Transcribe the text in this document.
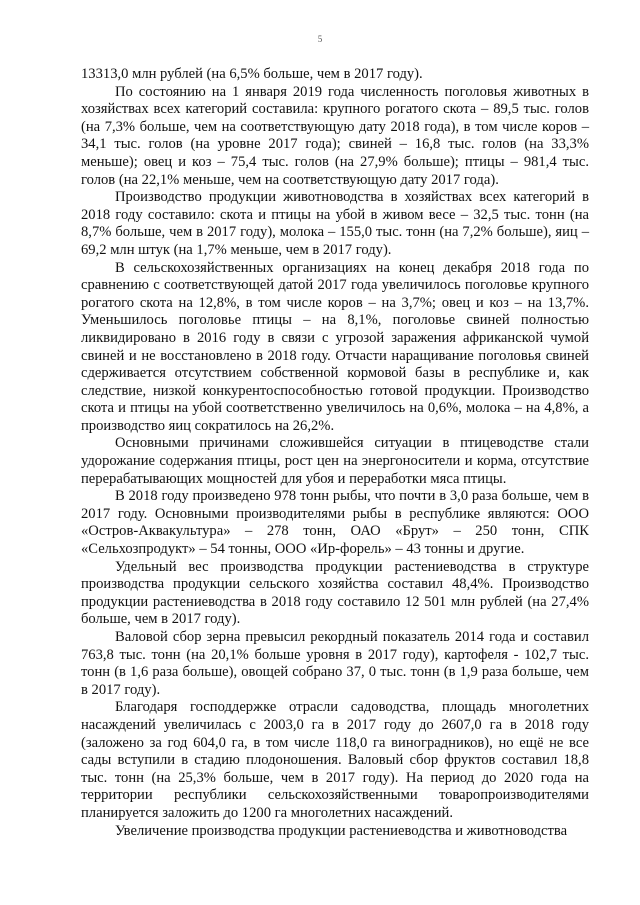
5

13313,0 млн рублей (на 6,5% больше, чем в 2017 году).

По состоянию на 1 января 2019 года численность поголовья животных в хозяйствах всех категорий составила: крупного рогатого скота – 89,5 тыс. голов (на 7,3% больше, чем на соответствующую дату 2018 года), в том числе коров – 34,1 тыс. голов (на уровне 2017 года); свиней – 16,8 тыс. голов (на 33,3% меньше); овец и коз – 75,4 тыс. голов (на 27,9% больше); птицы – 981,4 тыс. голов (на 22,1% меньше, чем на соответствующую дату 2017 года).

Производство продукции животноводства в хозяйствах всех категорий в 2018 году составило: скота и птицы на убой в живом весе – 32,5 тыс. тонн (на 8,7% больше, чем в 2017 году), молока – 155,0 тыс. тонн (на 7,2% больше), яиц – 69,2 млн штук (на 1,7% меньше, чем в 2017 году).

В сельскохозяйственных организациях на конец декабря 2018 года по сравнению с соответствующей датой 2017 года увеличилось поголовье крупного рогатого скота на 12,8%, в том числе коров – на 3,7%; овец и коз – на 13,7%. Уменьшилось поголовье птицы – на 8,1%, поголовье свиней полностью ликвидировано в 2016 году в связи с угрозой заражения африканской чумой свиней и не восстановлено в 2018 году. Отчасти наращивание поголовья свиней сдерживается отсутствием собственной кормовой базы в республике и, как следствие, низкой конкурентоспособностью готовой продукции. Производство скота и птицы на убой соответственно увеличилось на 0,6%, молока – на 4,8%, а производство яиц сократилось на 26,2%.

Основными причинами сложившейся ситуации в птицеводстве стали удорожание содержания птицы, рост цен на энергоносители и корма, отсутствие перерабатывающих мощностей для убоя и переработки мяса птицы.

В 2018 году произведено 978 тонн рыбы, что почти в 3,0 раза больше, чем в 2017 году. Основными производителями рыбы в республике являются: ООО «Остров-Аквакультура» – 278 тонн, ОАО «Брут» – 250 тонн, СПК «Сельхозпродукт» – 54 тонны, ООО «Ир-форель» – 43 тонны и другие.

Удельный вес производства продукции растениеводства в структуре производства продукции сельского хозяйства составил 48,4%. Производство продукции растениеводства в 2018 году составило 12 501 млн рублей (на 27,4% больше, чем в 2017 году).

Валовой сбор зерна превысил рекордный показатель 2014 года и составил 763,8 тыс. тонн (на 20,1% больше уровня в 2017 году), картофеля - 102,7 тыс. тонн (в 1,6 раза больше), овощей собрано 37, 0 тыс. тонн (в 1,9 раза больше, чем в 2017 году).

Благодаря господдержке отрасли садоводства, площадь многолетних насаждений увеличилась с 2003,0 га в 2017 году до 2607,0 га в 2018 году (заложено за год 604,0 га, в том числе 118,0 га виноградников), но ещё не все сады вступили в стадию плодоношения. Валовый сбор фруктов составил 18,8 тыс. тонн (на 25,3% больше, чем в 2017 году). На период до 2020 года на территории республики сельскохозяйственными товаропроизводителями планируется заложить до 1200 га многолетних насаждений.

Увеличение производства продукции растениеводства и животноводства
